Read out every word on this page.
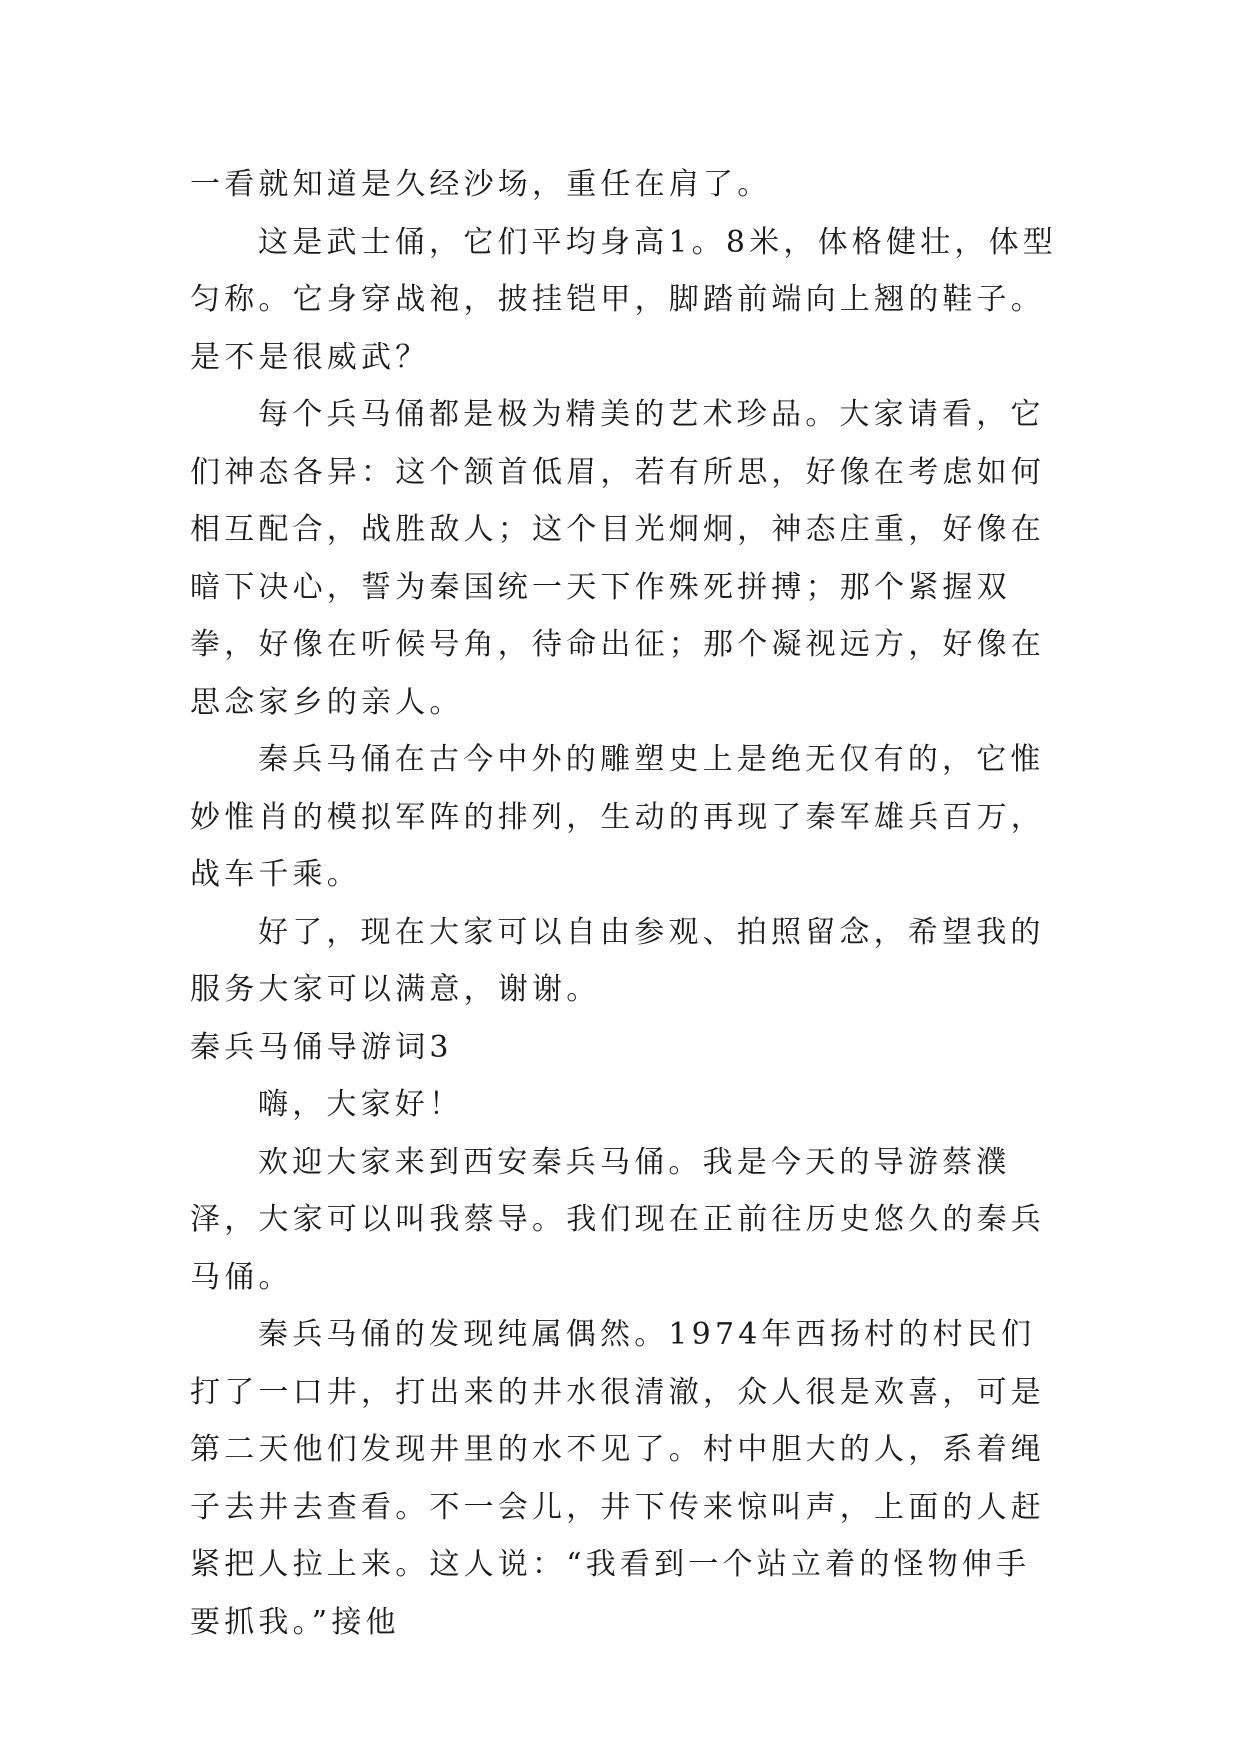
一看就知道是久经沙场，重任在肩了。

这是武士俑，它们平均身高1。8米，体格健壮，体型匀称。它身穿战袍，披挂铠甲，脚踏前端向上翘的鞋子。是不是很威武？

每个兵马俑都是极为精美的艺术珍品。大家请看，它们神态各异：这个颔首低眉，若有所思，好像在考虑如何相互配合，战胜敌人；这个目光炯炯，神态庄重，好像在暗下决心，誓为秦国统一天下作殊死拼搏；那个紧握双拳，好像在听候号角，待命出征；那个凝视远方，好像在思念家乡的亲人。

秦兵马俑在古今中外的雕塑史上是绝无仅有的，它惟妙惟肖的模拟军阵的排列，生动的再现了秦军雄兵百万，战车千乘。

好了，现在大家可以自由参观、拍照留念，希望我的服务大家可以满意，谢谢。

秦兵马俑导游词3

嗨，大家好！

欢迎大家来到西安秦兵马俑。我是今天的导游蔡濮泽，大家可以叫我蔡导。我们现在正前往历史悠久的秦兵马俑。

秦兵马俑的发现纯属偶然。1974年西扬村的村民们打了一口井，打出来的井水很清澈，众人很是欢喜，可是第二天他们发现井里的水不见了。村中胆大的人，系着绳子去井去查看。不一会儿，井下传来惊叫声，上面的人赶紧把人拉上来。这人说：“我看到一个站立着的怪物伸手要抓我。”接他
